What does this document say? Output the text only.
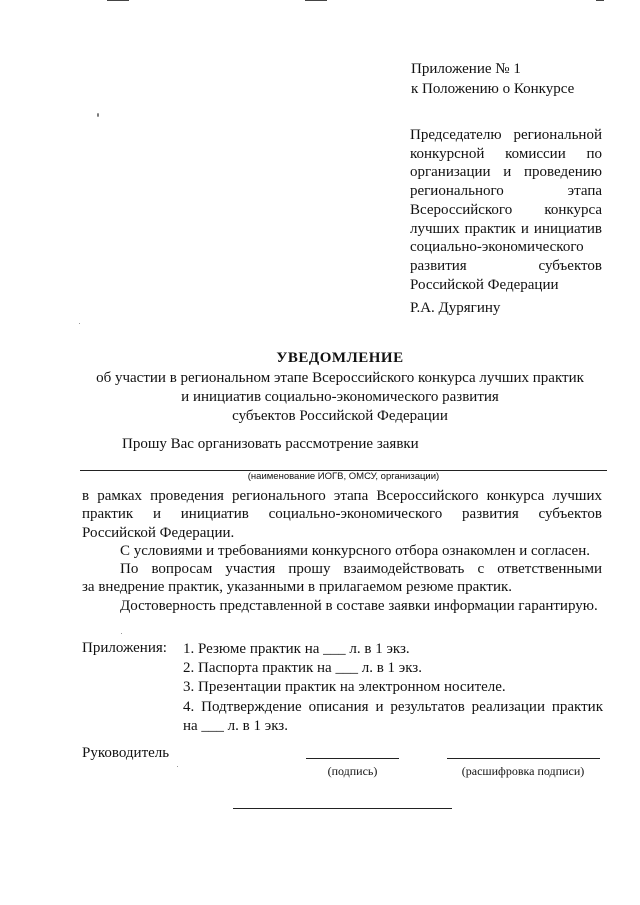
Приложение № 1
к Положению о Конкурсе
Председателю региональной
конкурсной комиссии по
организации и проведению
регионального этапа
Всероссийского конкурса
лучших практик и инициатив
социально-экономического
развития субъектов
Российской Федерации
Р.А. Дурягину
УВЕДОМЛЕНИЕ
об участии в региональном этапе Всероссийского конкурса лучших практик
и инициатив социально-экономического развития
субъектов Российской Федерации
Прошу Вас организовать рассмотрение заявки
(наименование ИОГВ, ОМСУ, организации)

в рамках проведения регионального этапа Всероссийского конкурса лучших
практик и инициатив социально-экономического развития субъектов
Российской Федерации.

С условиями и требованиями конкурсного отбора ознакомлен и согласен.

По вопросам участия прошу взаимодействовать с ответственными
за внедрение практик, указанными в прилагаемом резюме практик.

Достоверность представленной в составе заявки информации гарантирую.

Приложения: 1. Резюме практик на ___ л. в 1 экз.
2. Паспорта практик на ___ л. в 1 экз.
3. Презентации практик на электронном носителе.
4. Подтверждение описания и результатов реализации практик
на ___ л. в 1 экз.
Руководитель
(подпись)	(расшифровка подписи)
